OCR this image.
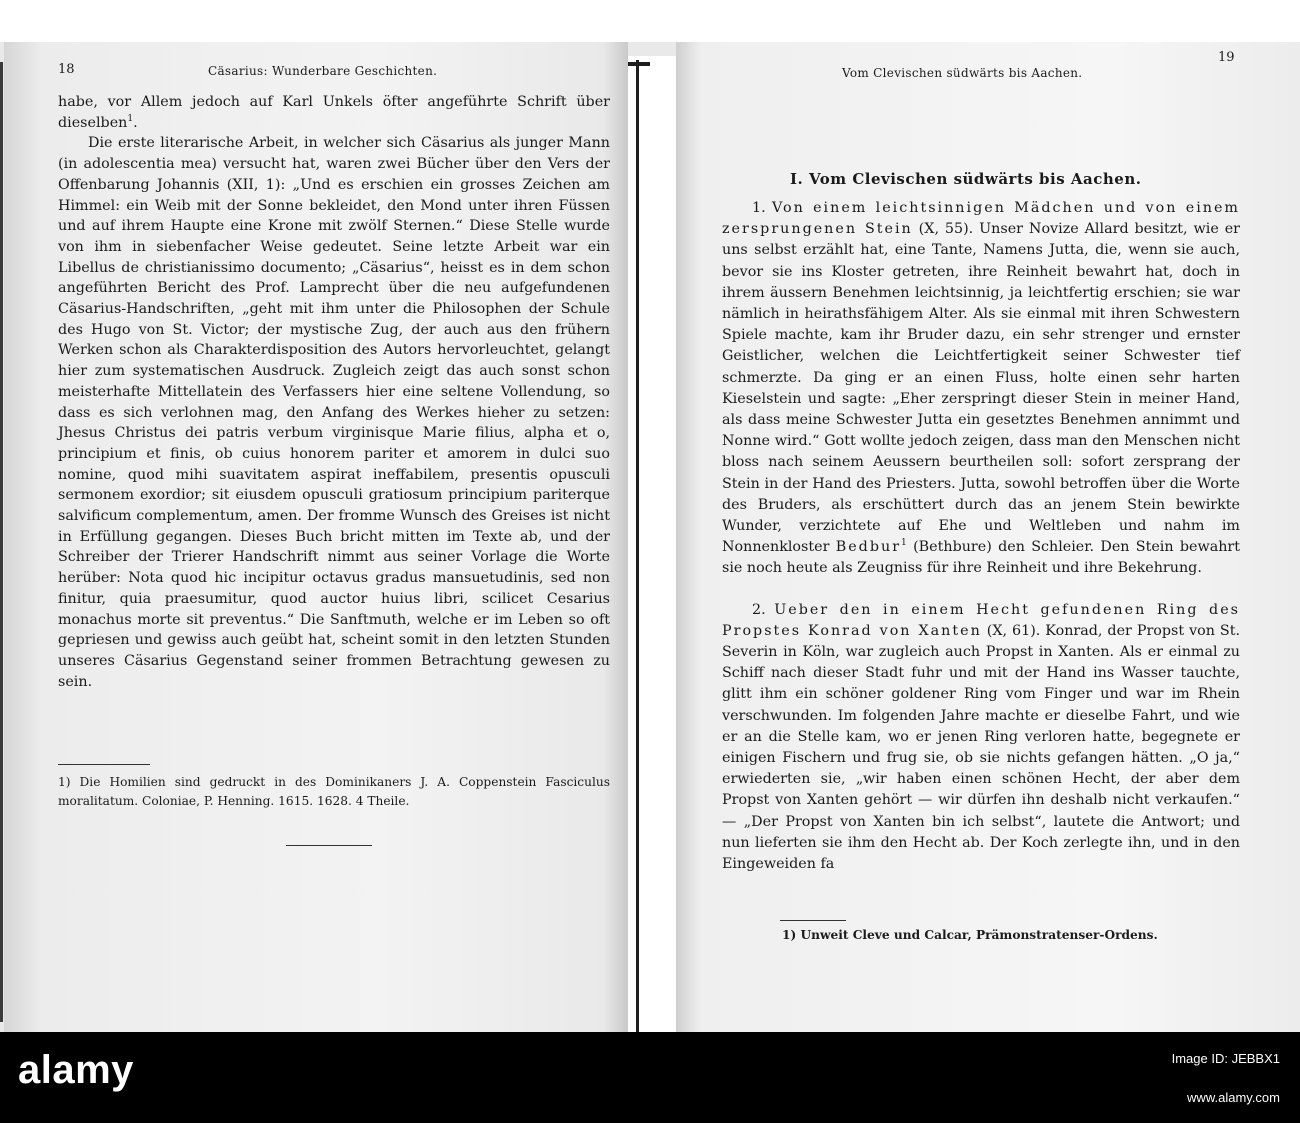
18	Cäsarius: Wunderbare Geschichten.

habe, vor Allem jedoch auf Karl Unkels öfter angeführte Schrift über dieselben$^1$.

Die erste literarische Arbeit, in welcher sich Cäsarius als junger Mann (in adolescentia mea) versucht hat, waren zwei Bücher über den Vers der Offenbarung Johannis (XII, 1): „Und es erschien ein grosses Zeichen am Himmel: ein Weib mit der Sonne bekleidet, den Mond unter ihren Füssen und auf ihrem Haupte eine Krone mit zwölf Sternen.“ Diese Stelle wurde von ihm in siebenfacher Weise gedeutet. Seine letzte Arbeit war ein Libellus de christianissimo documento; „Cäsarius“, heisst es in dem schon angeführten Bericht des Prof. Lamprecht über die neu aufgefundenen Cäsarius-Handschriften, „geht mit ihm unter die Philosophen der Schule des Hugo von St. Victor; der mystische Zug, der auch aus den frühern Werken schon als Charakterdisposition des Autors hervorleuchtet, gelangt hier zum systematischen Ausdruck. Zugleich zeigt das auch sonst schon meisterhafte Mittellatein des Verfassers hier eine seltene Vollendung, so dass es sich verlohnen mag, den Anfang des Werkes hieher zu setzen: Jhesus Christus dei patris verbum virginisque Marie filius, alpha et o, principium et finis, ob cuius honorem pariter et amorem in dulci suo nomine, quod mihi suavitatem aspirat ineffabilem, presentis opusculi sermonem exordior; sit eiusdem opusculi gratiosum principium pariterque salvificum complementum, amen. Der fromme Wunsch des Greises ist nicht in Erfüllung gegangen. Dieses Buch bricht mitten im Texte ab, und der Schreiber der Trierer Handschrift nimmt aus seiner Vorlage die Worte herüber: Nota quod hic incipitur octavus gradus mansuetudinis, sed non finitur, quia praesumitur, quod auctor huius libri, scilicet Cesarius monachus morte sit preventus.“ Die Sanftmuth, welche er im Leben so oft gepriesen und gewiss auch geübt hat, scheint somit in den letzten Stunden unseres Cäsarius Gegenstand seiner frommen Betrachtung gewesen zu sein.

1) Die Homilien sind gedruckt in des Dominikaners J. A. Coppenstein Fasciculus moralitatum. Coloniae, P. Henning. 1615. 1628. 4 Theile.

Vom Clevischen südwärts bis Aachen.
19
I. Vom Clevischen südwärts bis Aachen.

1. Von einem leichtsinnigen Mädchen und von einem zersprungenen Stein (X, 55). Unser Novize Allard besitzt, wie er uns selbst erzählt hat, eine Tante, Namens Jutta, die, wenn sie auch, bevor sie ins Kloster getreten, ihre Reinheit bewahrt hat, doch in ihrem äussern Benehmen leichtsinnig, ja leichtfertig erschien; sie war nämlich in heirathsfähigem Alter. Als sie einmal mit ihren Schwestern Spiele machte, kam ihr Bruder dazu, ein sehr strenger und ernster Geistlicher, welchen die Leichtfertigkeit seiner Schwester tief schmerzte. Da ging er an einen Fluss, holte einen sehr harten Kieselstein und sagte: „Eher zerspringt dieser Stein in meiner Hand, als dass meine Schwester Jutta ein gesetztes Benehmen annimmt und Nonne wird.“ Gott wollte jedoch zeigen, dass man den Menschen nicht bloss nach seinem Aeussern beurtheilen soll: sofort zersprang der Stein in der Hand des Priesters. Jutta, sowohl betroffen über die Worte des Bruders, als erschüttert durch das an jenem Stein bewirkte Wunder, verzichtete auf Ehe und Weltleben und nahm im Nonnenkloster Bedbur$^1$ (Bethbure) den Schleier. Den Stein bewahrt sie noch heute als Zeugniss für ihre Reinheit und ihre Bekehrung.

2. Ueber den in einem Hecht gefundenen Ring des Propstes Konrad von Xanten (X, 61). Konrad, der Propst von St. Severin in Köln, war zugleich auch Propst in Xanten. Als er einmal zu Schiff nach dieser Stadt fuhr und mit der Hand ins Wasser tauchte, glitt ihm ein schöner goldener Ring vom Finger und war im Rhein verschwunden. Im folgenden Jahre machte er dieselbe Fahrt, und wie er an die Stelle kam, wo er jenen Ring verloren hatte, begegnete er einigen Fischern und frug sie, ob sie nichts gefangen hätten. „O ja,“ erwiederten sie, „wir haben einen schönen Hecht, der aber dem Propst von Xanten gehört — wir dürfen ihn deshalb nicht verkaufen.“ — „Der Propst von Xanten bin ich selbst“, lautete die Antwort; und nun lieferten sie ihm den Hecht ab. Der Koch zerlegte ihn, und in den Eingeweiden fa

1) Unweit Cleve und Calcar, Prämonstratenser-Ordens.
alamy	Image ID: JEBBX1
www.alamy.com
